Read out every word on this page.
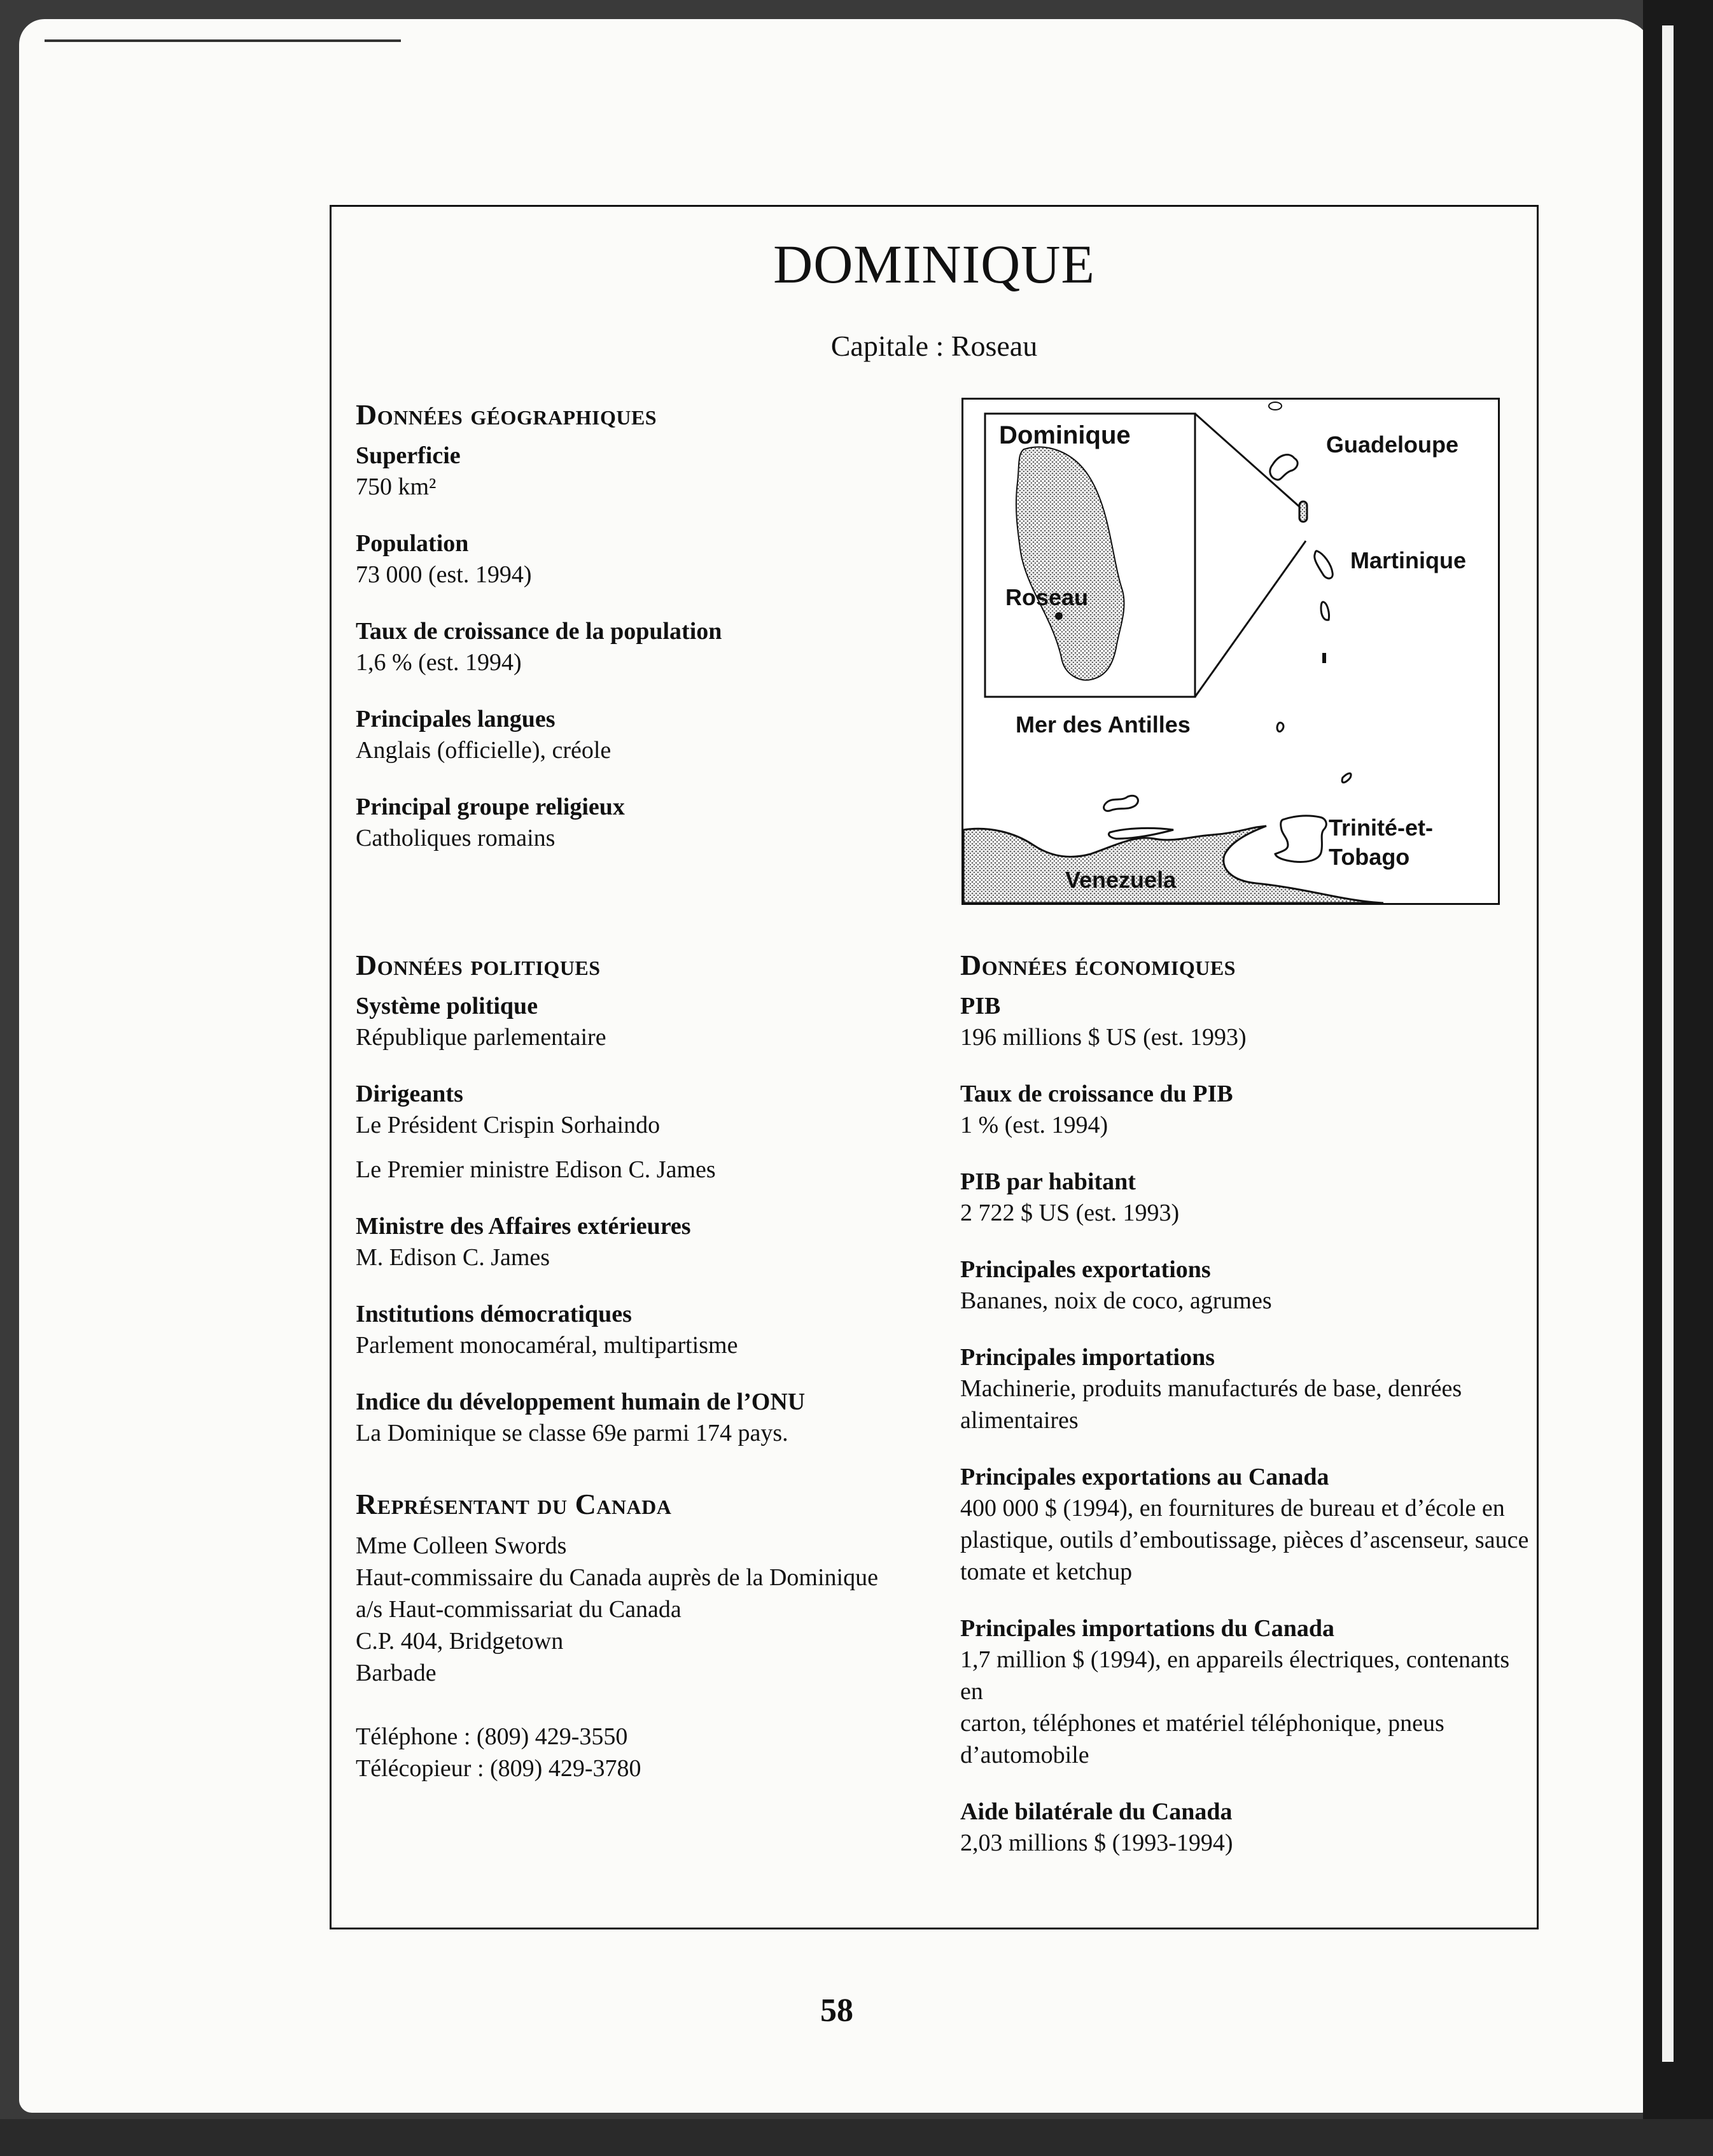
DOMINIQUE
Capitale : Roseau
Données géographiques
Superficie
750 km²
Population
73 000 (est. 1994)
Taux de croissance de la population
1,6 % (est. 1994)
Principales langues
Anglais (officielle), créole
Principal groupe religieux
Catholiques romains
Dominique
Roseau
Guadeloupe
Martinique
Mer des Antilles
Trinité-et-
Tobago
Venezuela
Données politiques
Système politique
République parlementaire
Dirigeants
Le Président Crispin Sorhaindo
Le Premier ministre Edison C. James
Ministre des Affaires extérieures
M. Edison C. James
Institutions démocratiques
Parlement monocaméral, multipartisme
Indice du développement humain de l’ONU
La Dominique se classe 69e parmi 174 pays.
Représentant du Canada
Mme Colleen Swords
Haut-commissaire du Canada auprès de la Dominique
a/s Haut-commissariat du Canada
C.P. 404, Bridgetown
Barbade
Téléphone : (809) 429-3550
Télécopieur : (809) 429-3780
Données économiques
PIB
196 millions $ US (est. 1993)
Taux de croissance du PIB
1 % (est. 1994)
PIB par habitant
2 722 $ US (est. 1993)
Principales exportations
Bananes, noix de coco, agrumes
Principales importations
Machinerie, produits manufacturés de base, denrées
alimentaires
Principales exportations au Canada
400 000 $ (1994), en fournitures de bureau et d’école en
plastique, outils d’emboutissage, pièces d’ascenseur, sauce
tomate et ketchup
Principales importations du Canada
1,7 million $ (1994), en appareils électriques, contenants en
carton, téléphones et matériel téléphonique, pneus
d’automobile
Aide bilatérale du Canada
2,03 millions $ (1993-1994)
58
